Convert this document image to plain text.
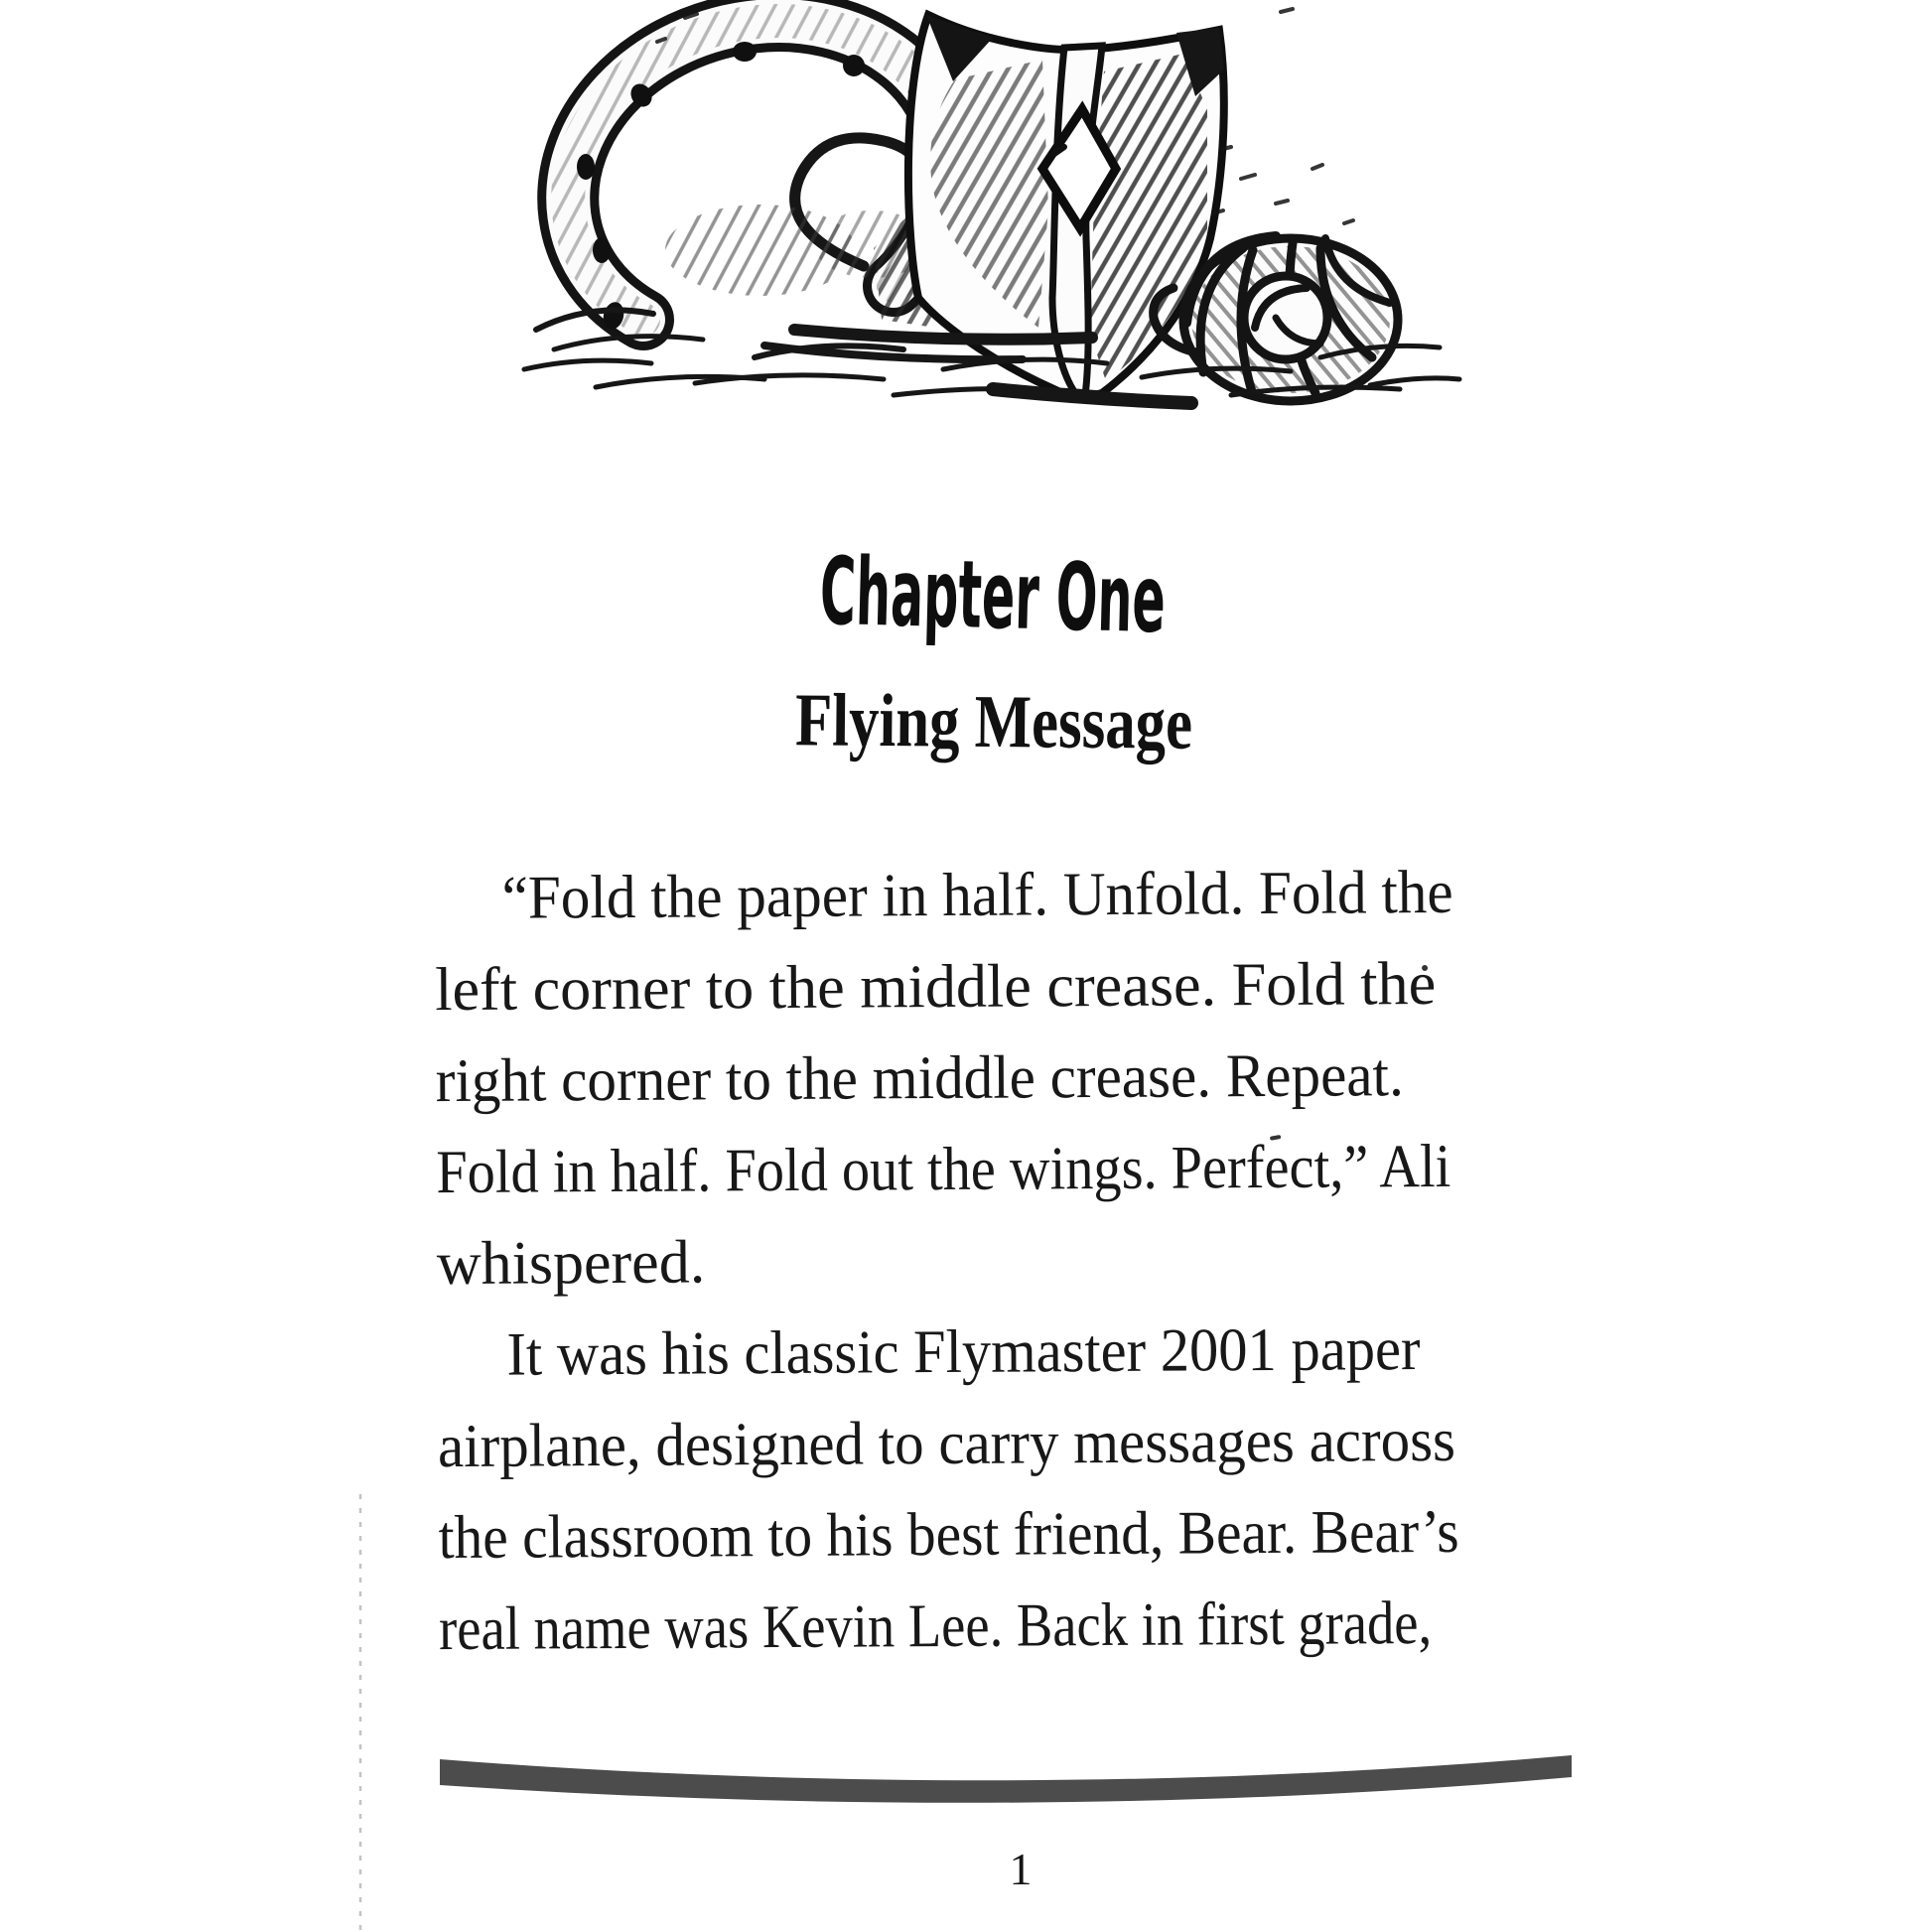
Chapter One
Flying Message
“Fold the paper in half. Unfold. Fold the
left corner to the middle crease. Fold the
right corner to the middle crease. Repeat.
Fold in half. Fold out the wings. Perfect,” Ali
whispered.
It was his classic Flymaster 2001 paper
airplane, designed to carry messages across
the classroom to his best friend, Bear. Bear’s
real name was Kevin Lee. Back in first grade,
1
